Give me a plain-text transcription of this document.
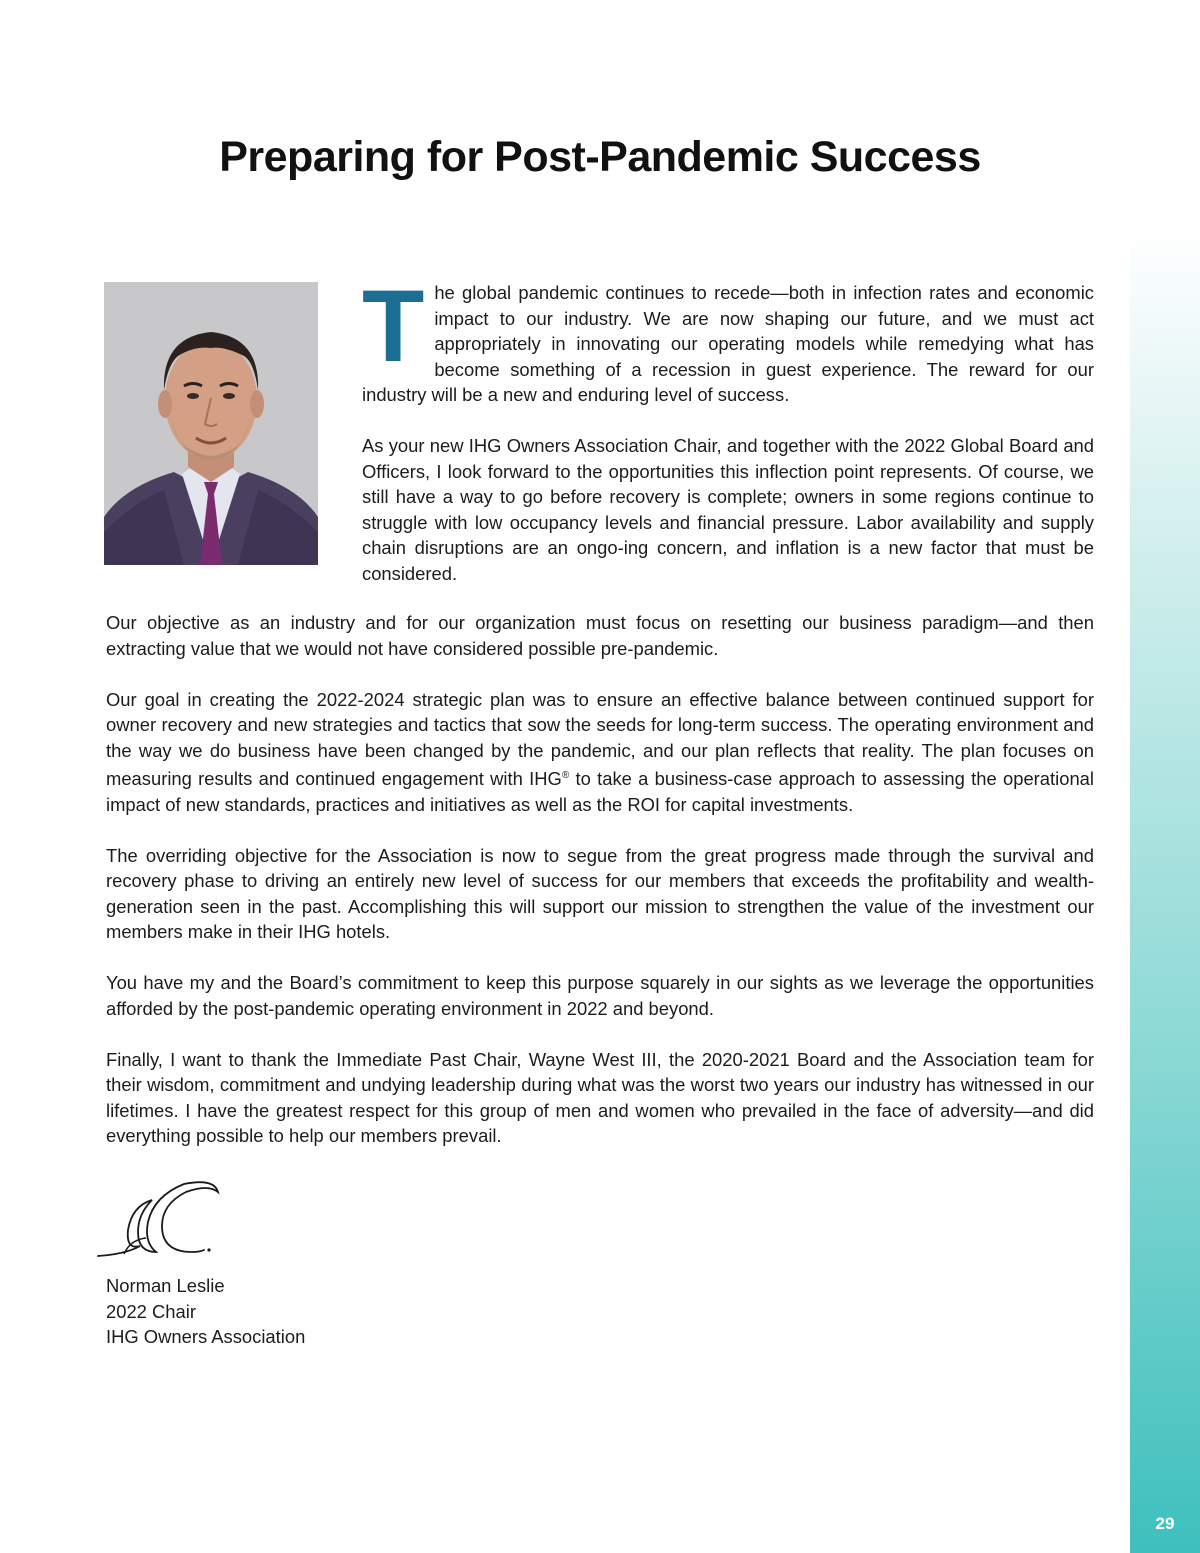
29
Preparing for Post-Pandemic Success

The global pandemic continues to recede—both in infection rates and economic impact to our industry. We are now shaping our future, and we must act appropriately in innovating our operating models while remedying what has become something of a recession in guest experience. The reward for our industry will be a new and enduring level of success.

As your new IHG Owners Association Chair, and together with the 2022 Global Board and Officers, I look forward to the opportunities this inflection point represents. Of course, we still have a way to go before recovery is complete; owners in some regions continue to struggle with low occupancy levels and financial pressure. Labor availability and supply chain disruptions are an ongo-ing concern, and inflation is a new factor that must be considered.

Our objective as an industry and for our organization must focus on resetting our business paradigm—and then extracting value that we would not have considered possible pre-pandemic.

Our goal in creating the 2022-2024 strategic plan was to ensure an effective balance between continued support for owner recovery and new strategies and tactics that sow the seeds for long-term success. The operating environment and the way we do business have been changed by the pandemic, and our plan reflects that reality. The plan focuses on measuring results and continued engagement with IHG® to take a business-case approach to assessing the operational impact of new standards, practices and initiatives as well as the ROI for capital investments.

The overriding objective for the Association is now to segue from the great progress made through the survival and recovery phase to driving an entirely new level of success for our members that exceeds the profitability and wealth-generation seen in the past. Accomplishing this will support our mission to strengthen the value of the investment our members make in their IHG hotels.

You have my and the Board’s commitment to keep this purpose squarely in our sights as we leverage the opportunities afforded by the post-pandemic operating environment in 2022 and beyond.

Finally, I want to thank the Immediate Past Chair, Wayne West III, the 2020-2021 Board and the Association team for their wisdom, commitment and undying leadership during what was the worst two years our industry has witnessed in our lifetimes. I have the greatest respect for this group of men and women who prevailed in the face of adversity—and did everything possible to help our members prevail.

Norman Leslie
2022 Chair
IHG Owners Association
